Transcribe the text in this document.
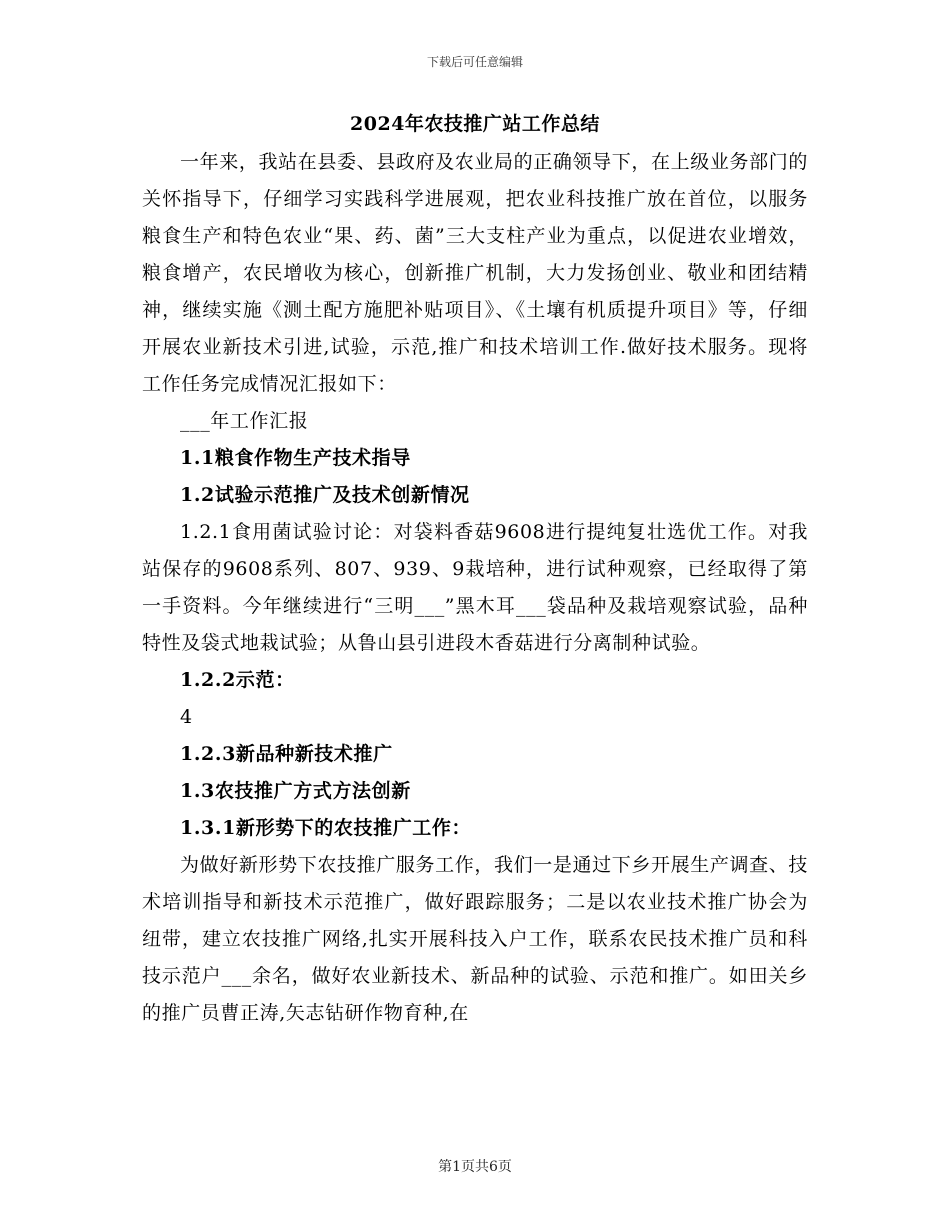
下载后可任意编辑
2024年农技推广站工作总结

一年来，我站在县委、县政府及农业局的正确领导下，在上级业务部门的关怀指导下，仔细学习实践科学进展观，把农业科技推广放在首位，以服务粮食生产和特色农业“果、药、菌”三大支柱产业为重点，以促进农业增效，粮食增产，农民增收为核心，创新推广机制，大力发扬创业、敬业和团结精神，继续实施《测土配方施肥补贴项目》、《土壤有机质提升项目》等，仔细开展农业新技术引进,试验，示范,推广和技术培训工作.做好技术服务。现将工作任务完成情况汇报如下：

___年工作汇报

1.1粮食作物生产技术指导

1.2试验示范推广及技术创新情况

1.2.1食用菌试验讨论：对袋料香菇9608进行提纯复壮选优工作。对我站保存的9608系列、807、939、9栽培种，进行试种观察，已经取得了第一手资料。今年继续进行“三明___”黑木耳___袋品种及栽培观察试验，品种特性及袋式地栽试验；从鲁山县引进段木香菇进行分离制种试验。

1.2.2示范：

4

1.2.3新品种新技术推广

1.3农技推广方式方法创新

1.3.1新形势下的农技推广工作：

为做好新形势下农技推广服务工作，我们一是通过下乡开展生产调查、技术培训指导和新技术示范推广，做好跟踪服务；二是以农业技术推广协会为纽带，建立农技推广网络,扎实开展科技入户工作，联系农民技术推广员和科技示范户___余名，做好农业新技术、新品种的试验、示范和推广。如田关乡的推广员曹正涛,矢志钻研作物育种,在

第1页共6页
